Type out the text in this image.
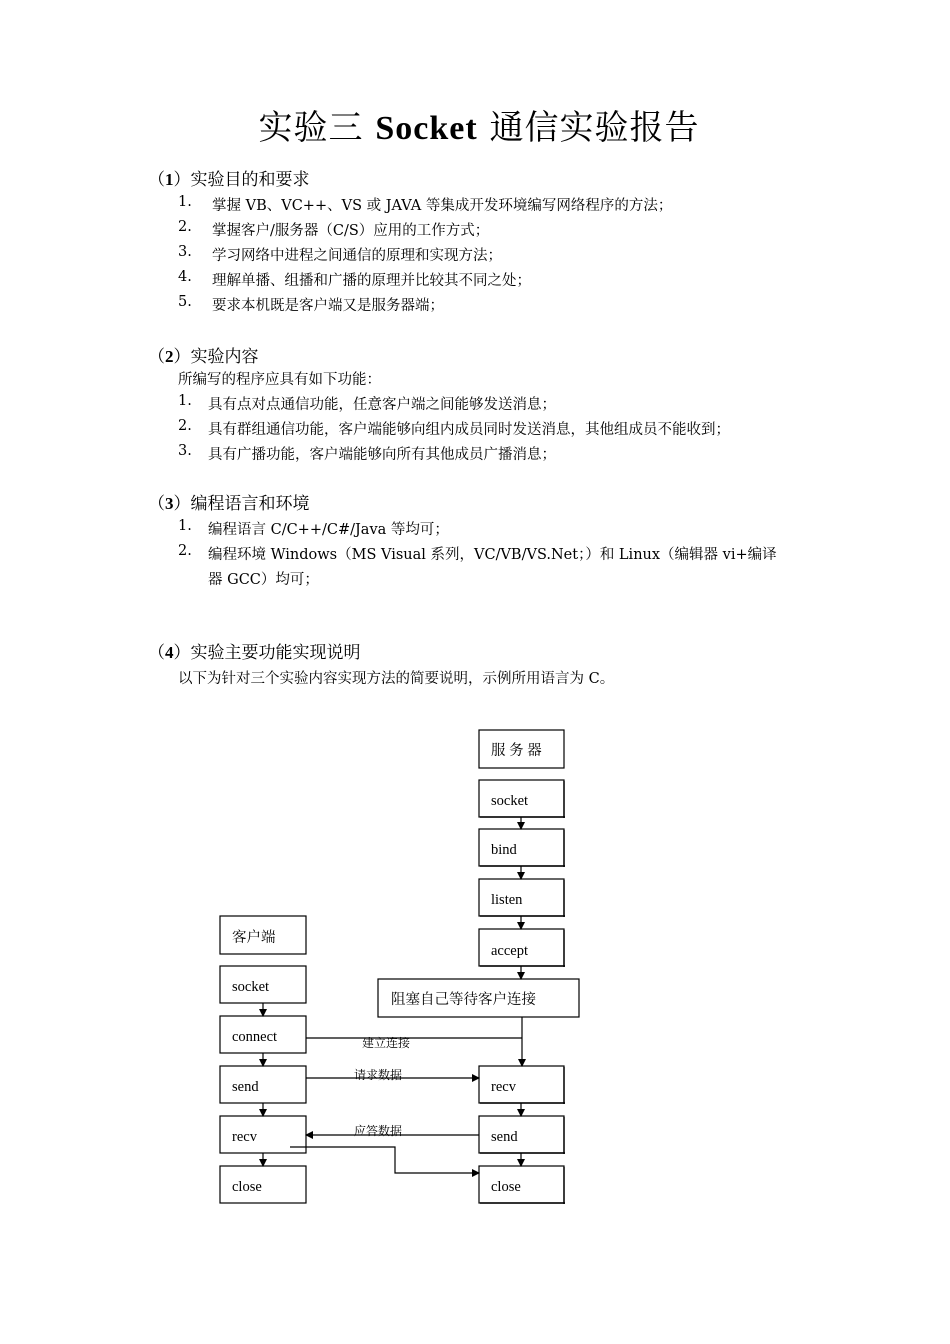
实验三 Socket 通信实验报告
（1）实验目的和要求
1. 掌握 VB、VC++、VS 或 JAVA 等集成开发环境编写网络程序的方法；
2. 掌握客户/服务器（C/S）应用的工作方式；
3. 学习网络中进程之间通信的原理和实现方法；
4. 理解单播、组播和广播的原理并比较其不同之处；
5. 要求本机既是客户端又是服务器端；
（2）实验内容
所编写的程序应具有如下功能：
1. 具有点对点通信功能，任意客户端之间能够发送消息；
2. 具有群组通信功能，客户端能够向组内成员同时发送消息，其他组成员不能收到；
3. 具有广播功能，客户端能够向所有其他成员广播消息；
（3）编程语言和环境
1. 编程语言 C/C++/C#/Java 等均可；
2. 编程环境 Windows（MS Visual 系列，VC/VB/VS.Net；）和 Linux（编辑器 vi+编译
器 GCC）均可；
（4）实验主要功能实现说明
以下为针对三个实验内容实现方法的简要说明，示例所用语言为 C。
服 务 器
socket
bind
listen
accept
阻塞自己等待客户连接
recv
send
close
客户端
socket
connect
send
recv
close
建立连接
请求数据
应答数据
